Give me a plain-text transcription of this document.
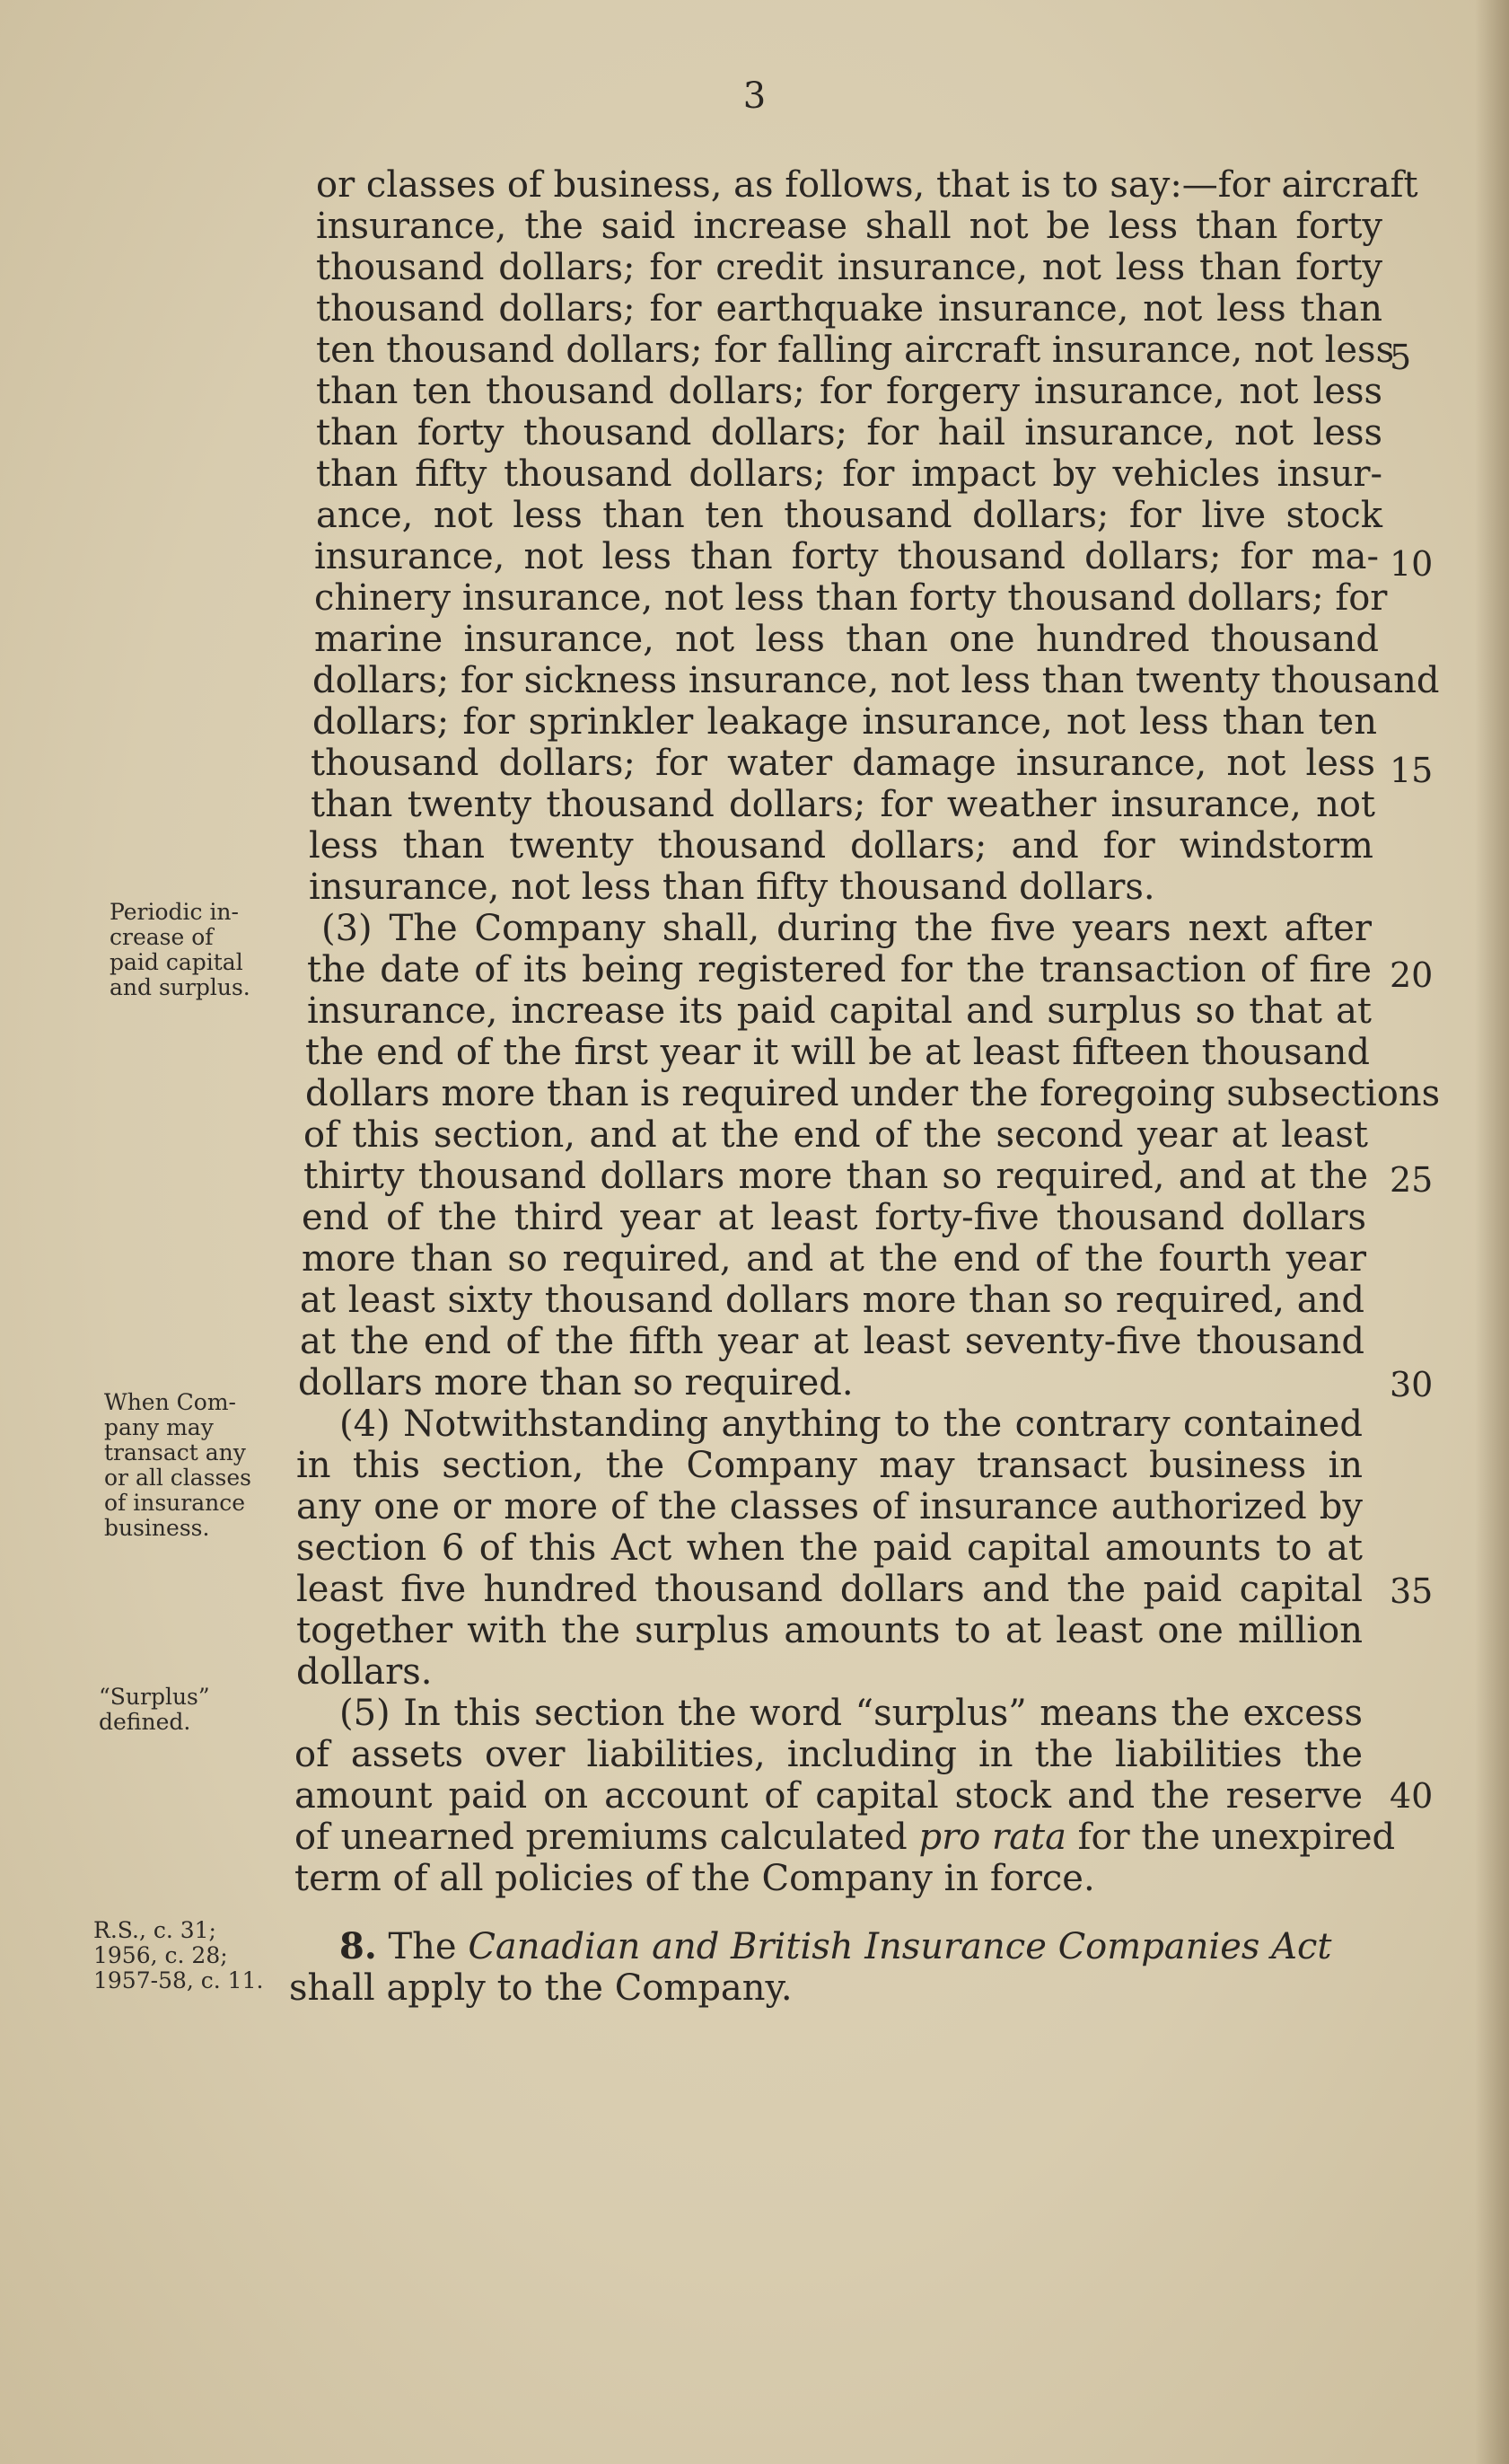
3
or classes of business, as follows, that is to say:—for aircraft
insurance, the said increase shall not be less than forty
thousand dollars; for credit insurance, not less than forty
thousand dollars; for earthquake insurance, not less than
ten thousand dollars; for falling aircraft insurance, not less
than ten thousand dollars; for forgery insurance, not less
than forty thousand dollars; for hail insurance, not less
than fifty thousand dollars; for impact by vehicles insur-
ance, not less than ten thousand dollars; for live stock
insurance, not less than forty thousand dollars; for ma-
chinery insurance, not less than forty thousand dollars; for
marine insurance, not less than one hundred thousand
dollars; for sickness insurance, not less than twenty thousand
dollars; for sprinkler leakage insurance, not less than ten
thousand dollars; for water damage insurance, not less
than twenty thousand dollars; for weather insurance, not
less than twenty thousand dollars; and for windstorm
insurance, not less than fifty thousand dollars.
(3) The Company shall, during the five years next after
the date of its being registered for the transaction of fire
insurance, increase its paid capital and surplus so that at
the end of the first year it will be at least fifteen thousand
dollars more than is required under the foregoing subsections
of this section, and at the end of the second year at least
thirty thousand dollars more than so required, and at the
end of the third year at least forty-five thousand dollars
more than so required, and at the end of the fourth year
at least sixty thousand dollars more than so required, and
at the end of the fifth year at least seventy-five thousand
dollars more than so required.
(4) Notwithstanding anything to the contrary contained
in this section, the Company may transact business in
any one or more of the classes of insurance authorized by
section 6 of this Act when the paid capital amounts to at
least five hundred thousand dollars and the paid capital
together with the surplus amounts to at least one million
dollars.
(5) In this section the word “surplus” means the excess
of assets over liabilities, including in the liabilities the
amount paid on account of capital stock and the reserve
of unearned premiums calculated pro rata for the unexpired
term of all policies of the Company in force.
8. The Canadian and British Insurance Companies Act
shall apply to the Company.
5
10
15
20
25
30
35
40
Periodic in-
crease of
paid capital
and surplus.
When Com-
pany may
transact any
or all classes
of insurance
business.
“Surplus”
defined.
R.S., c. 31;
1956, c. 28;
1957-58, c. 11.
